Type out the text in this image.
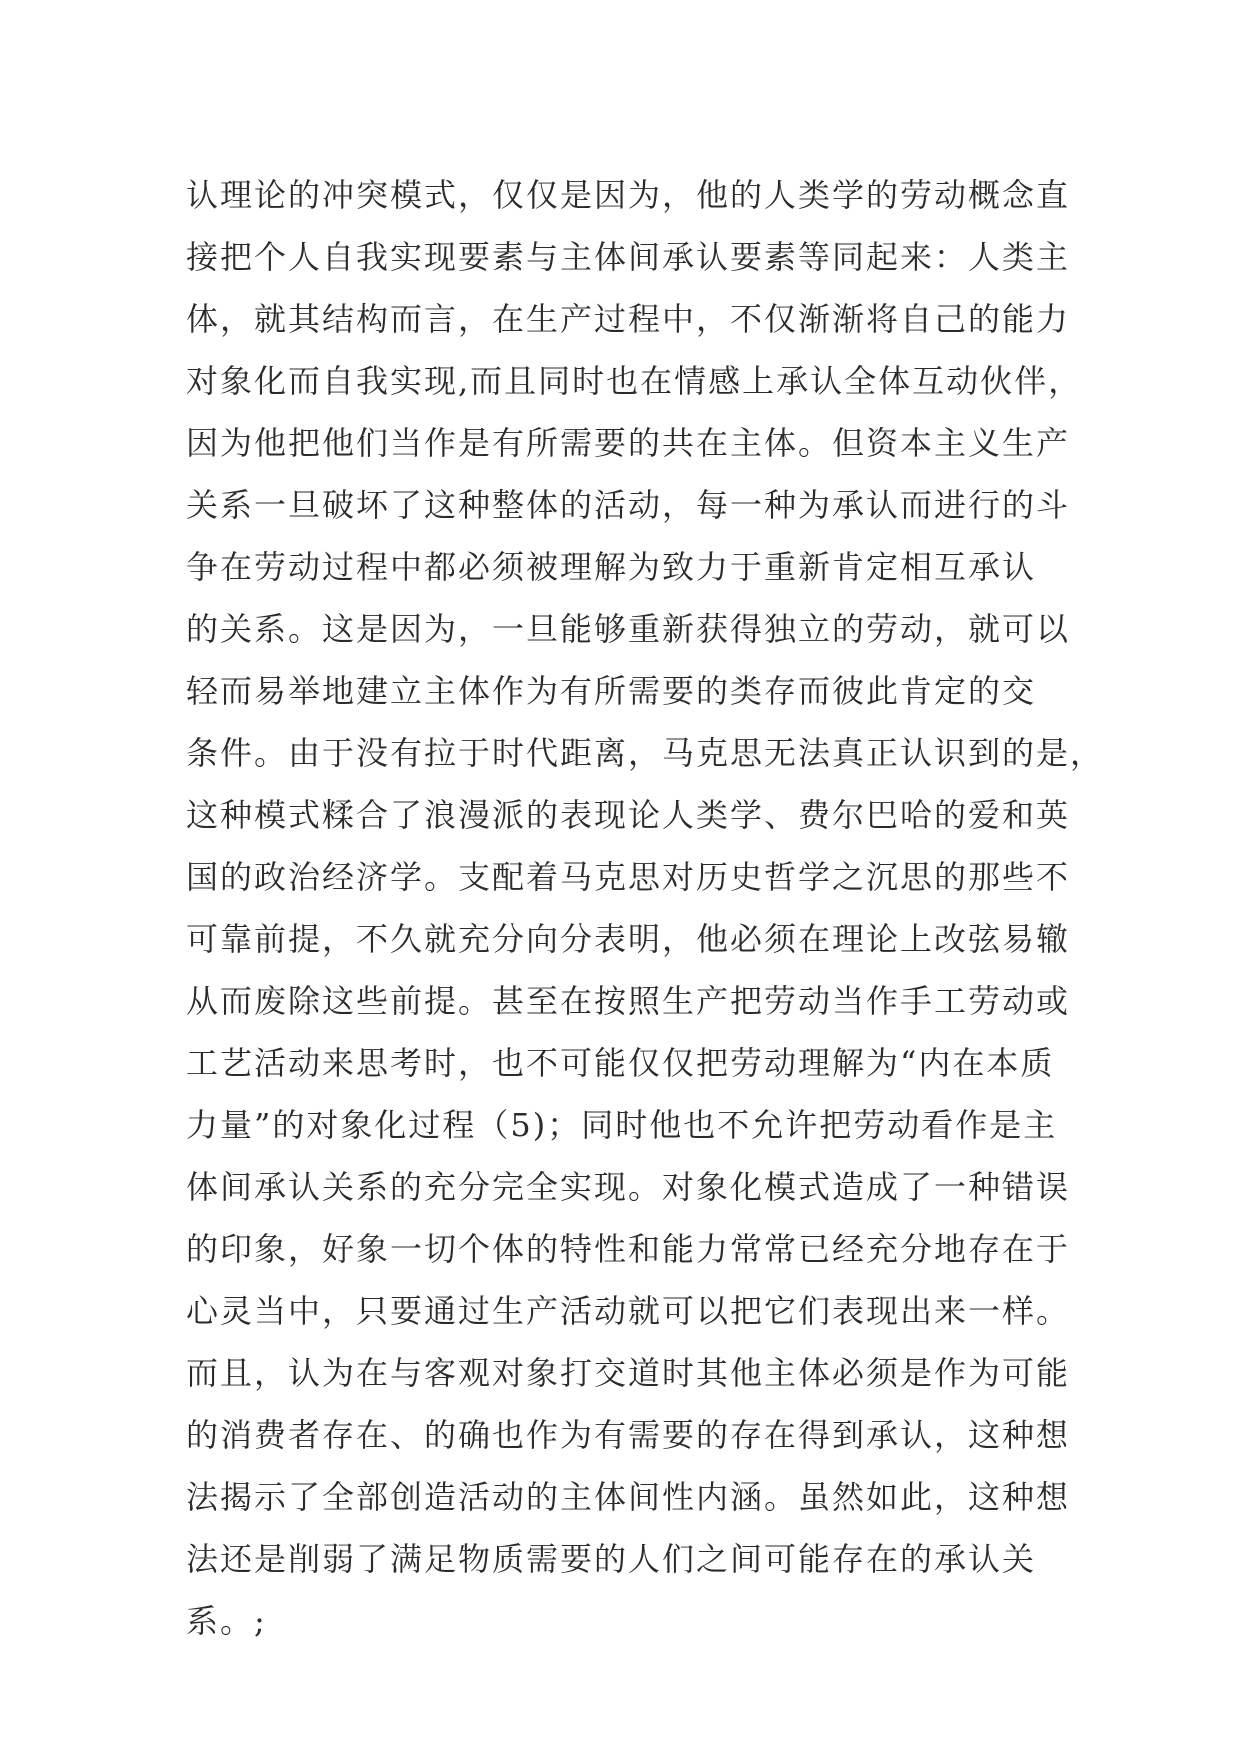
认理论的冲突模式，仅仅是因为，他的人类学的劳动概念直
接把个人自我实现要素与主体间承认要素等同起来：人类主
体，就其结构而言，在生产过程中，不仅渐渐将自己的能力
对象化而自我实现,而且同时也在情感上承认全体互动伙伴，
因为他把他们当作是有所需要的共在主体。但资本主义生产
关系一旦破坏了这种整体的活动，每一种为承认而进行的斗
争在劳动过程中都必须被理解为致力于重新肯定相互承认
的关系。这是因为，一旦能够重新获得独立的劳动，就可以
轻而易举地建立主体作为有所需要的类存而彼此肯定的交
条件。由于没有拉于时代距离，马克思无法真正认识到的是，
这种模式糅合了浪漫派的表现论人类学、费尔巴哈的爱和英
国的政治经济学。支配着马克思对历史哲学之沉思的那些不
可靠前提，不久就充分向分表明，他必须在理论上改弦易辙
从而废除这些前提。甚至在按照生产把劳动当作手工劳动或
工艺活动来思考时，也不可能仅仅把劳动理解为“内在本质
力量”的对象化过程（5)；同时他也不允许把劳动看作是主
体间承认关系的充分完全实现。对象化模式造成了一种错误
的印象，好象一切个体的特性和能力常常已经充分地存在于
心灵当中，只要通过生产活动就可以把它们表现出来一样。
而且，认为在与客观对象打交道时其他主体必须是作为可能
的消费者存在、的确也作为有需要的存在得到承认，这种想
法揭示了全部创造活动的主体间性内涵。虽然如此，这种想
法还是削弱了满足物质需要的人们之间可能存在的承认关
系。;
